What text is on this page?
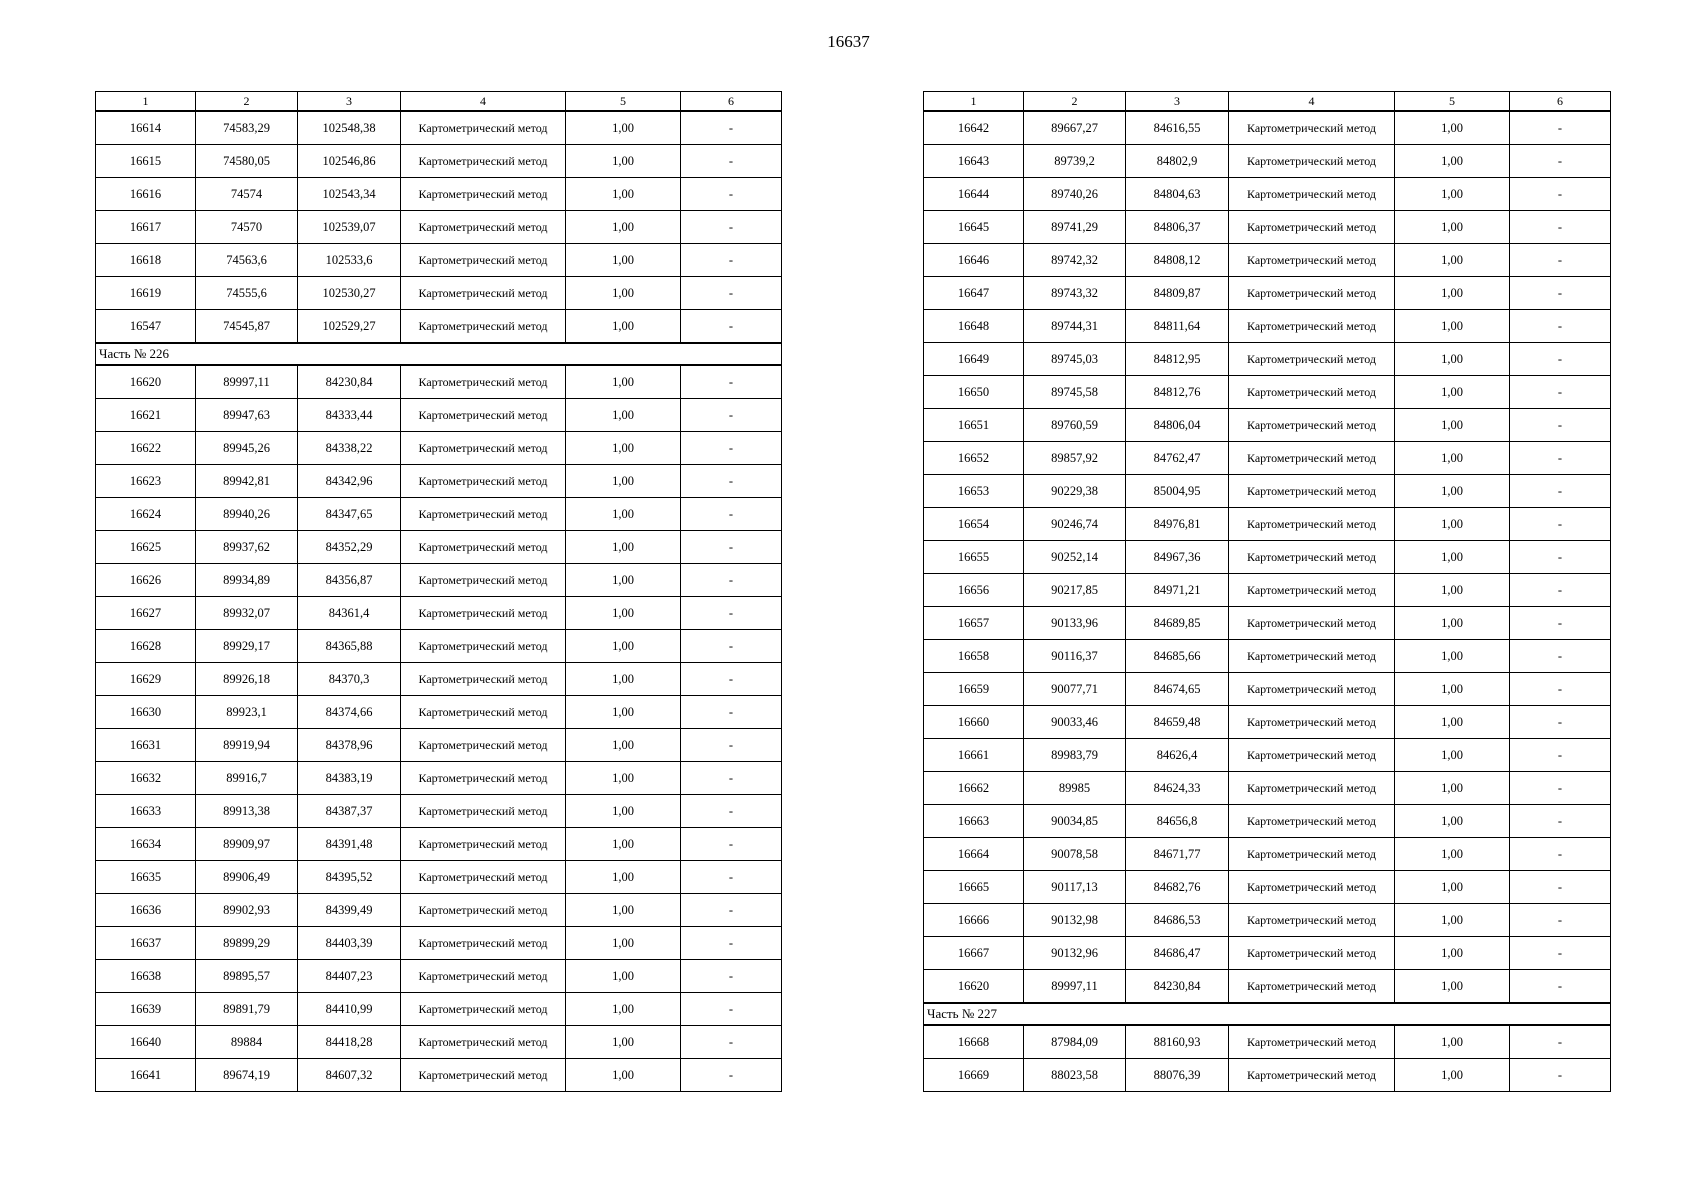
16637
1	2	3	4	5	6
16614	74583,29	102548,38	Картометрический метод	1,00	-
16615	74580,05	102546,86	Картометрический метод	1,00	-
16616	74574	102543,34	Картометрический метод	1,00	-
16617	74570	102539,07	Картометрический метод	1,00	-
16618	74563,6	102533,6	Картометрический метод	1,00	-
16619	74555,6	102530,27	Картометрический метод	1,00	-
16547	74545,87	102529,27	Картометрический метод	1,00	-
Часть № 226					
16620	89997,11	84230,84	Картометрический метод	1,00	-
16621	89947,63	84333,44	Картометрический метод	1,00	-
16622	89945,26	84338,22	Картометрический метод	1,00	-
16623	89942,81	84342,96	Картометрический метод	1,00	-
16624	89940,26	84347,65	Картометрический метод	1,00	-
16625	89937,62	84352,29	Картометрический метод	1,00	-
16626	89934,89	84356,87	Картометрический метод	1,00	-
16627	89932,07	84361,4	Картометрический метод	1,00	-
16628	89929,17	84365,88	Картометрический метод	1,00	-
16629	89926,18	84370,3	Картометрический метод	1,00	-
16630	89923,1	84374,66	Картометрический метод	1,00	-
16631	89919,94	84378,96	Картометрический метод	1,00	-
16632	89916,7	84383,19	Картометрический метод	1,00	-
16633	89913,38	84387,37	Картометрический метод	1,00	-
16634	89909,97	84391,48	Картометрический метод	1,00	-
16635	89906,49	84395,52	Картометрический метод	1,00	-
16636	89902,93	84399,49	Картометрический метод	1,00	-
16637	89899,29	84403,39	Картометрический метод	1,00	-
16638	89895,57	84407,23	Картометрический метод	1,00	-
16639	89891,79	84410,99	Картометрический метод	1,00	-
16640	89884	84418,28	Картометрический метод	1,00	-
16641	89674,19	84607,32	Картометрический метод	1,00	-
1	2	3	4	5	6
16642	89667,27	84616,55	Картометрический метод	1,00	-
16643	89739,2	84802,9	Картометрический метод	1,00	-
16644	89740,26	84804,63	Картометрический метод	1,00	-
16645	89741,29	84806,37	Картометрический метод	1,00	-
16646	89742,32	84808,12	Картометрический метод	1,00	-
16647	89743,32	84809,87	Картометрический метод	1,00	-
16648	89744,31	84811,64	Картометрический метод	1,00	-
16649	89745,03	84812,95	Картометрический метод	1,00	-
16650	89745,58	84812,76	Картометрический метод	1,00	-
16651	89760,59	84806,04	Картометрический метод	1,00	-
16652	89857,92	84762,47	Картометрический метод	1,00	-
16653	90229,38	85004,95	Картометрический метод	1,00	-
16654	90246,74	84976,81	Картометрический метод	1,00	-
16655	90252,14	84967,36	Картометрический метод	1,00	-
16656	90217,85	84971,21	Картометрический метод	1,00	-
16657	90133,96	84689,85	Картометрический метод	1,00	-
16658	90116,37	84685,66	Картометрический метод	1,00	-
16659	90077,71	84674,65	Картометрический метод	1,00	-
16660	90033,46	84659,48	Картометрический метод	1,00	-
16661	89983,79	84626,4	Картометрический метод	1,00	-
16662	89985	84624,33	Картометрический метод	1,00	-
16663	90034,85	84656,8	Картометрический метод	1,00	-
16664	90078,58	84671,77	Картометрический метод	1,00	-
16665	90117,13	84682,76	Картометрический метод	1,00	-
16666	90132,98	84686,53	Картометрический метод	1,00	-
16667	90132,96	84686,47	Картометрический метод	1,00	-
16620	89997,11	84230,84	Картометрический метод	1,00	-
Часть № 227					
16668	87984,09	88160,93	Картометрический метод	1,00	-
16669	88023,58	88076,39	Картометрический метод	1,00	-
